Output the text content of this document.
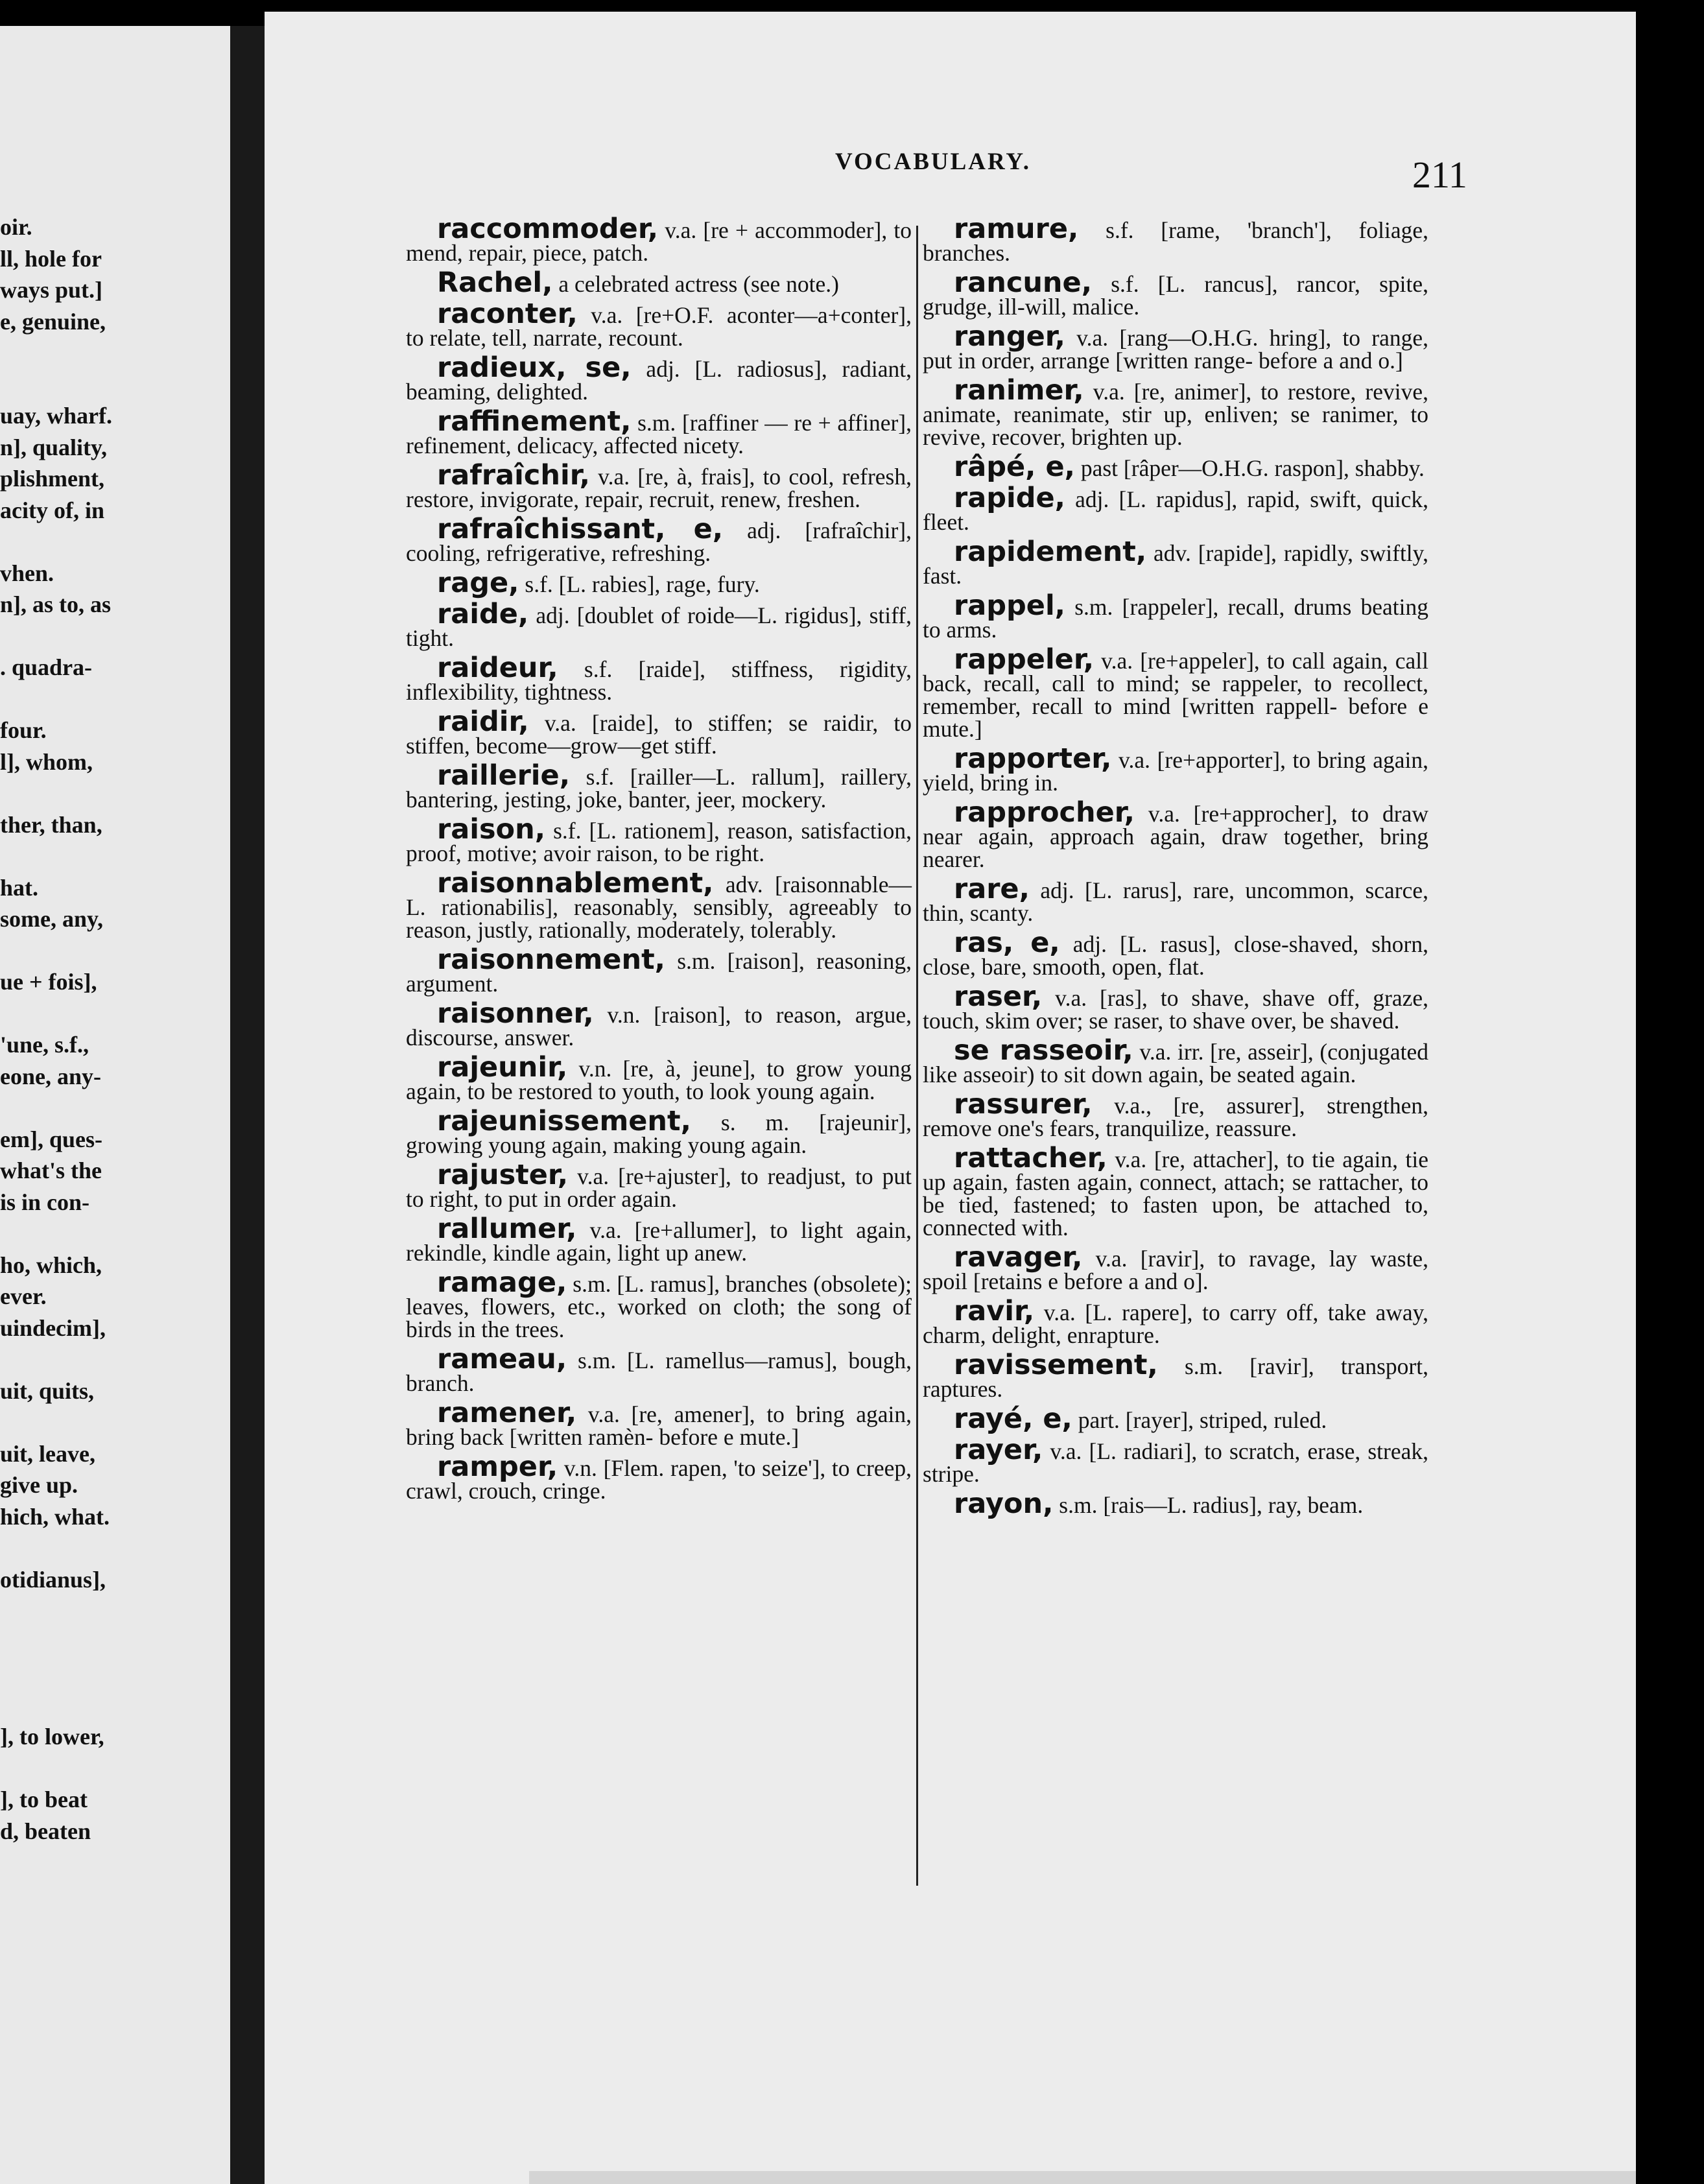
oir.
ll, hole for
ways put.]
e, genuine,
uay, wharf.
n], quality,
plishment,
acity of, in
vhen.
n], as to, as
. quadra-
four.
l], whom,
ther, than,
hat.
some, any,
ue + fois],
'une, s.f.,
eone, any-
em], ques-
what's the
is in con-
ho, which,
ever.
uindecim],
uit, quits,
uit, leave,
give up.
hich, what.
otidianus],
], to lower,
], to beat
d, beaten
VOCABULARY.	211
raccommoder, v.a. [re + accommoder], to mend, repair, piece, patch.
Rachel, a celebrated actress (see note.)
raconter, v.a. [re+O.F. aconter—a+conter], to relate, tell, narrate, recount.
radieux, se, adj. [L. radiosus], radiant, beaming, delighted.
raffinement, s.m. [raffiner — re + affiner], refinement, delicacy, affected nicety.
rafraîchir, v.a. [re, à, frais], to cool, refresh, restore, invigorate, repair, recruit, renew, freshen.
rafraîchissant, e, adj. [rafraîchir], cooling, refrigerative, refreshing.
rage, s.f. [L. rabies], rage, fury.
raide, adj. [doublet of roide—L. rigidus], stiff, tight.
raideur, s.f. [raide], stiffness, rigidity, inflexibility, tightness.
raidir, v.a. [raide], to stiffen; se raidir, to stiffen, become—grow—get stiff.
raillerie, s.f. [railler—L. rallum], raillery, bantering, jesting, joke, banter, jeer, mockery.
raison, s.f. [L. rationem], reason, satisfaction, proof, motive; avoir raison, to be right.
raisonnablement, adv. [raisonnable—L. rationabilis], reasonably, sensibly, agreeably to reason, justly, rationally, moderately, tolerably.
raisonnement, s.m. [raison], reasoning, argument.
raisonner, v.n. [raison], to reason, argue, discourse, answer.
rajeunir, v.n. [re, à, jeune], to grow young again, to be restored to youth, to look young again.
rajeunissement, s. m. [rajeunir], growing young again, making young again.
rajuster, v.a. [re+ajuster], to readjust, to put to right, to put in order again.
rallumer, v.a. [re+allumer], to light again, rekindle, kindle again, light up anew.
ramage, s.m. [L. ramus], branches (obsolete); leaves, flowers, etc., worked on cloth; the song of birds in the trees.
rameau, s.m. [L. ramellus—ramus], bough, branch.
ramener, v.a. [re, amener], to bring again, bring back [written ramèn- before e mute.]
ramper, v.n. [Flem. rapen, 'to seize'], to creep, crawl, crouch, cringe.
ramure, s.f. [rame, 'branch'], foliage, branches.
rancune, s.f. [L. rancus], rancor, spite, grudge, ill-will, malice.
ranger, v.a. [rang—O.H.G. hring], to range, put in order, arrange [written range- before a and o.]
ranimer, v.a. [re, animer], to restore, revive, animate, reanimate, stir up, enliven; se ranimer, to revive, recover, brighten up.
râpé, e, past [râper—O.H.G. raspon], shabby.
rapide, adj. [L. rapidus], rapid, swift, quick, fleet.
rapidement, adv. [rapide], rapidly, swiftly, fast.
rappel, s.m. [rappeler], recall, drums beating to arms.
rappeler, v.a. [re+appeler], to call again, call back, recall, call to mind; se rappeler, to recollect, remember, recall to mind [written rappell- before e mute.]
rapporter, v.a. [re+apporter], to bring again, yield, bring in.
rapprocher, v.a. [re+approcher], to draw near again, approach again, draw together, bring nearer.
rare, adj. [L. rarus], rare, uncommon, scarce, thin, scanty.
ras, e, adj. [L. rasus], close-shaved, shorn, close, bare, smooth, open, flat.
raser, v.a. [ras], to shave, shave off, graze, touch, skim over; se raser, to shave over, be shaved.
se rasseoir, v.a. irr. [re, asseir], (conjugated like asseoir) to sit down again, be seated again.
rassurer, v.a., [re, assurer], strengthen, remove one's fears, tranquilize, reassure.
rattacher, v.a. [re, attacher], to tie again, tie up again, fasten again, connect, attach; se rattacher, to be tied, fastened; to fasten upon, be attached to, connected with.
ravager, v.a. [ravir], to ravage, lay waste, spoil [retains e before a and o].
ravir, v.a. [L. rapere], to carry off, take away, charm, delight, enrapture.
ravissement, s.m. [ravir], transport, raptures.
rayé, e, part. [rayer], striped, ruled.
rayer, v.a. [L. radiari], to scratch, erase, streak, stripe.
rayon, s.m. [rais—L. radius], ray, beam.
